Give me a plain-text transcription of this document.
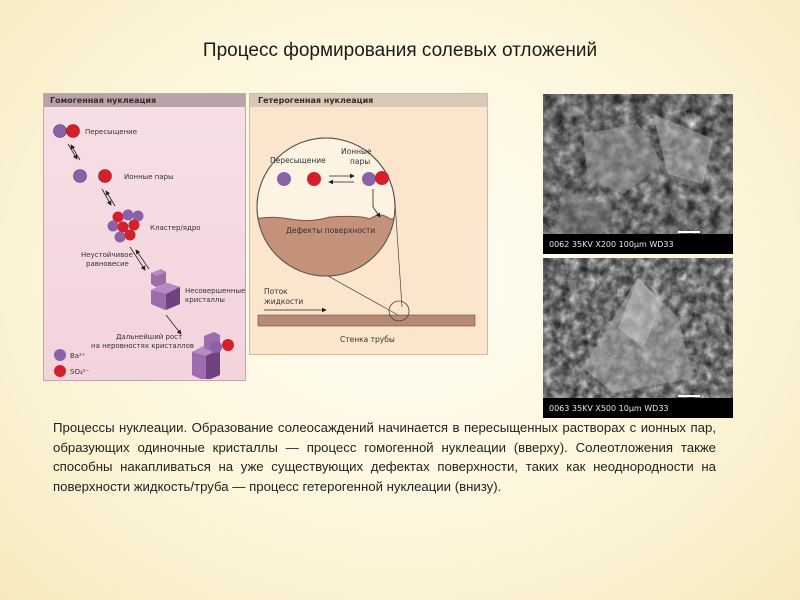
Процесс формирования солевых отложений
Гомогенная нуклеация
Пересыщение
Ионные пары
Кластер/ядро
Неустойчивое
равновесие
Несовершенные
кристаллы
Дальнейший рост
на неровностях кристаллов
Ba²⁺
SO₄²⁻
Гетерогенная нуклеация
Пересыщение
Ионные
пары
Дефекты поверхности
Поток
жидкости
Стенка трубы
0062 35KV X200 100µm WD33
0063 35KV X500 10µm WD33
Процессы нуклеации. Образование солеосаждений начинается в пересыщенных растворах с ионных пар, образующих одиночные кристаллы — процесс гомогенной нуклеации (вверху). Солеотложения также способны накапливаться на уже существующих дефектах поверхности, таких как неоднородности на поверхности жидкость/труба — процесс гетерогенной нуклеации (внизу).
